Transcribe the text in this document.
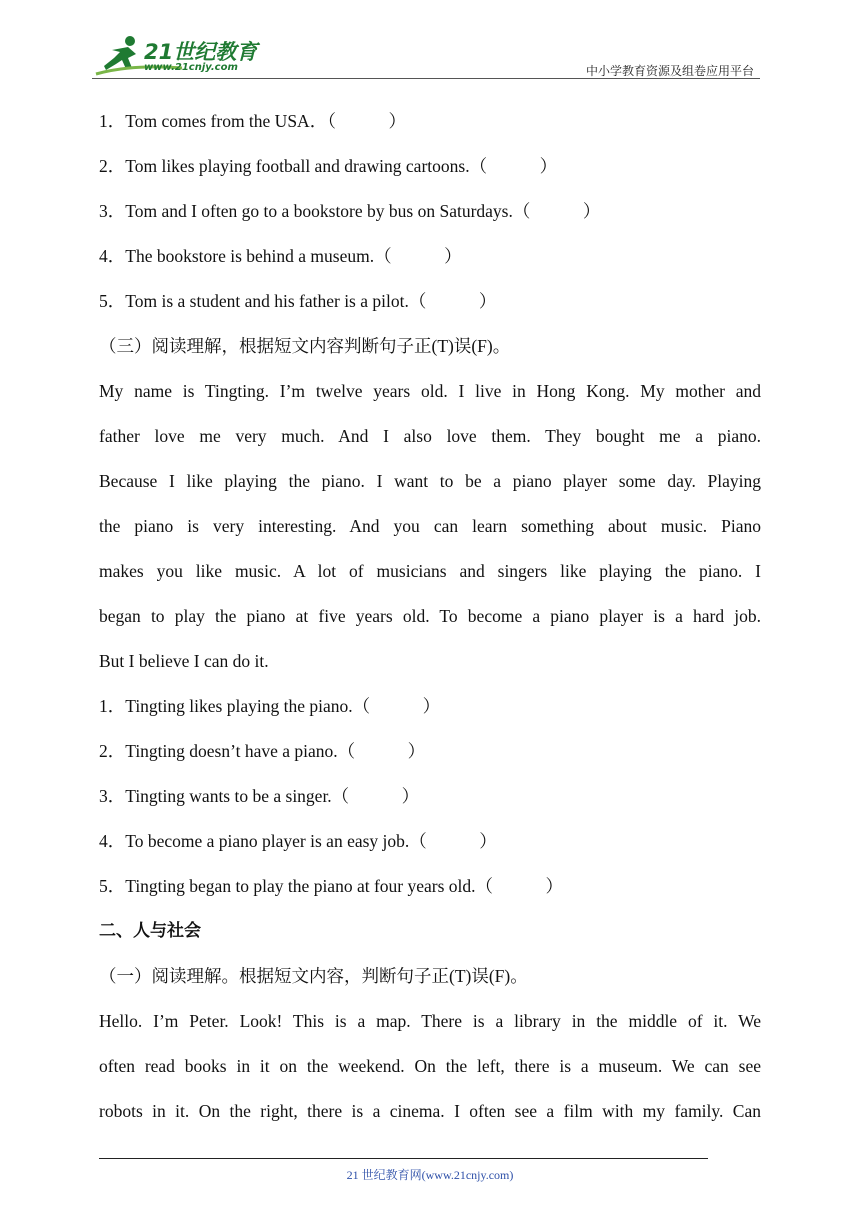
21世纪教育
www.21cnjy.com	中小学教育资源及组卷应用平台
1．Tom comes from the USA．（　　　）
2．Tom likes playing football and drawing cartoons.（　　　）
3．Tom and I often go to a bookstore by bus on Saturdays.（　　　）
4．The bookstore is behind a museum.（　　　）
5．Tom is a student and his father is a pilot.（　　　）
（三）阅读理解，根据短文内容判断句子正(T)误(F)。
My name is Tingting. I’m twelve years old. I live in Hong Kong. My mother and
father love me very much. And I also love them. They bought me a piano.
Because I like playing the piano. I want to be a piano player some day. Playing
the piano is very interesting. And you can learn something about music. Piano
makes you like music. A lot of musicians and singers like playing the piano. I
began to play the piano at five years old. To become a piano player is a hard job.
But I believe I can do it.
1．Tingting likes playing the piano.（　　　）
2．Tingting doesn’t have a piano.（　　　）
3．Tingting wants to be a singer.（　　　）
4．To become a piano player is an easy job.（　　　）
5．Tingting began to play the piano at four years old.（　　　）
二、人与社会
（一）阅读理解。根据短文内容，判断句子正(T)误(F)。
Hello. I’m Peter. Look! This is a map. There is a library in the middle of it. We
often read books in it on the weekend. On the left, there is a museum. We can see
robots in it. On the right, there is a cinema. I often see a film with my family. Can
21 世纪教育网(www.21cnjy.com)
